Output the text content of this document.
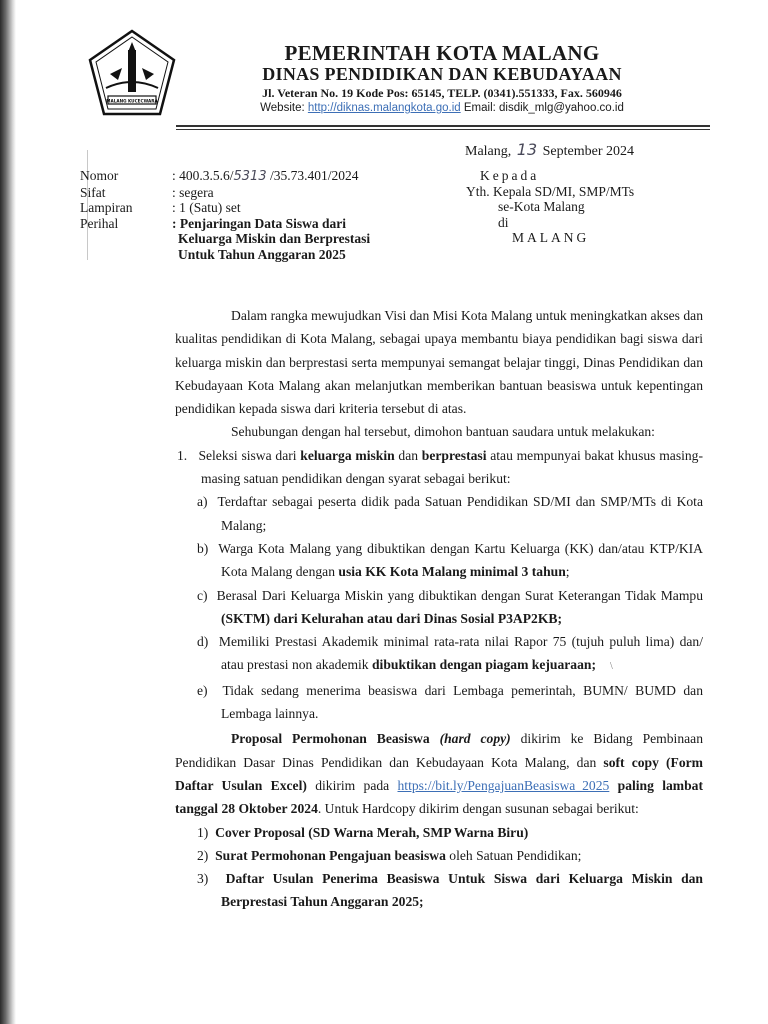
MALANG KUCECWARA
PEMERINTAH KOTA MALANG
DINAS PENDIDIKAN DAN KEBUDAYAAN
Jl. Veteran No. 19 Kode Pos: 65145, TELP. (0341).551333, Fax. 560946
Website: http://diknas.malangkota.go.id Email: disdik_mlg@yahoo.co.id
Malang, 13 September 2024
Nomor	: 400.3.5.6/5313 /35.73.401/2024
Sifat	: segera
Lampiran	: 1 (Satu) set
Perihal	: Penjaringan Data Siswa dari
Keluarga Miskin dan Berprestasi
Untuk Tahun Anggaran 2025
Kepada
Yth. Kepala SD/MI, SMP/MTs
se-Kota Malang
di
MALANG

Dalam rangka mewujudkan Visi dan Misi Kota Malang untuk meningkatkan akses dan kualitas pendidikan di Kota Malang, sebagai upaya membantu biaya pendidikan bagi siswa dari keluarga miskin dan berprestasi serta mempunyai semangat belajar tinggi, Dinas Pendidikan dan Kebudayaan Kota Malang akan melanjutkan memberikan bantuan beasiswa untuk kepentingan pendidikan kepada siswa dari kriteria tersebut di atas.

Sehubungan dengan hal tersebut, dimohon bantuan saudara untuk melakukan:

1. Seleksi siswa dari keluarga miskin dan berprestasi atau mempunyai bakat khusus masing-masing satuan pendidikan dengan syarat sebagai berikut:

a) Terdaftar sebagai peserta didik pada Satuan Pendidikan SD/MI dan SMP/MTs di Kota Malang;

b) Warga Kota Malang yang dibuktikan dengan Kartu Keluarga (KK) dan/atau KTP/KIA Kota Malang dengan usia KK Kota Malang minimal 3 tahun;

c) Berasal Dari Keluarga Miskin yang dibuktikan dengan Surat Keterangan Tidak Mampu (SKTM) dari Kelurahan atau dari Dinas Sosial P3AP2KB;

d) Memiliki Prestasi Akademik minimal rata-rata nilai Rapor 75 (tujuh puluh lima) dan/ atau prestasi non akademik dibuktikan dengan piagam kejuaraan; \

e) Tidak sedang menerima beasiswa dari Lembaga pemerintah, BUMN/ BUMD dan Lembaga lainnya.

Proposal Permohonan Beasiswa (hard copy) dikirim ke Bidang Pembinaan Pendidikan Dasar Dinas Pendidikan dan Kebudayaan Kota Malang, dan soft copy (Form Daftar Usulan Excel) dikirim pada https://bit.ly/PengajuanBeasiswa_2025 paling lambat tanggal 28 Oktober 2024. Untuk Hardcopy dikirim dengan susunan sebagai berikut:

1) Cover Proposal (SD Warna Merah, SMP Warna Biru)

2) Surat Permohonan Pengajuan beasiswa oleh Satuan Pendidikan;

3) Daftar Usulan Penerima Beasiswa Untuk Siswa dari Keluarga Miskin dan Berprestasi Tahun Anggaran 2025;
